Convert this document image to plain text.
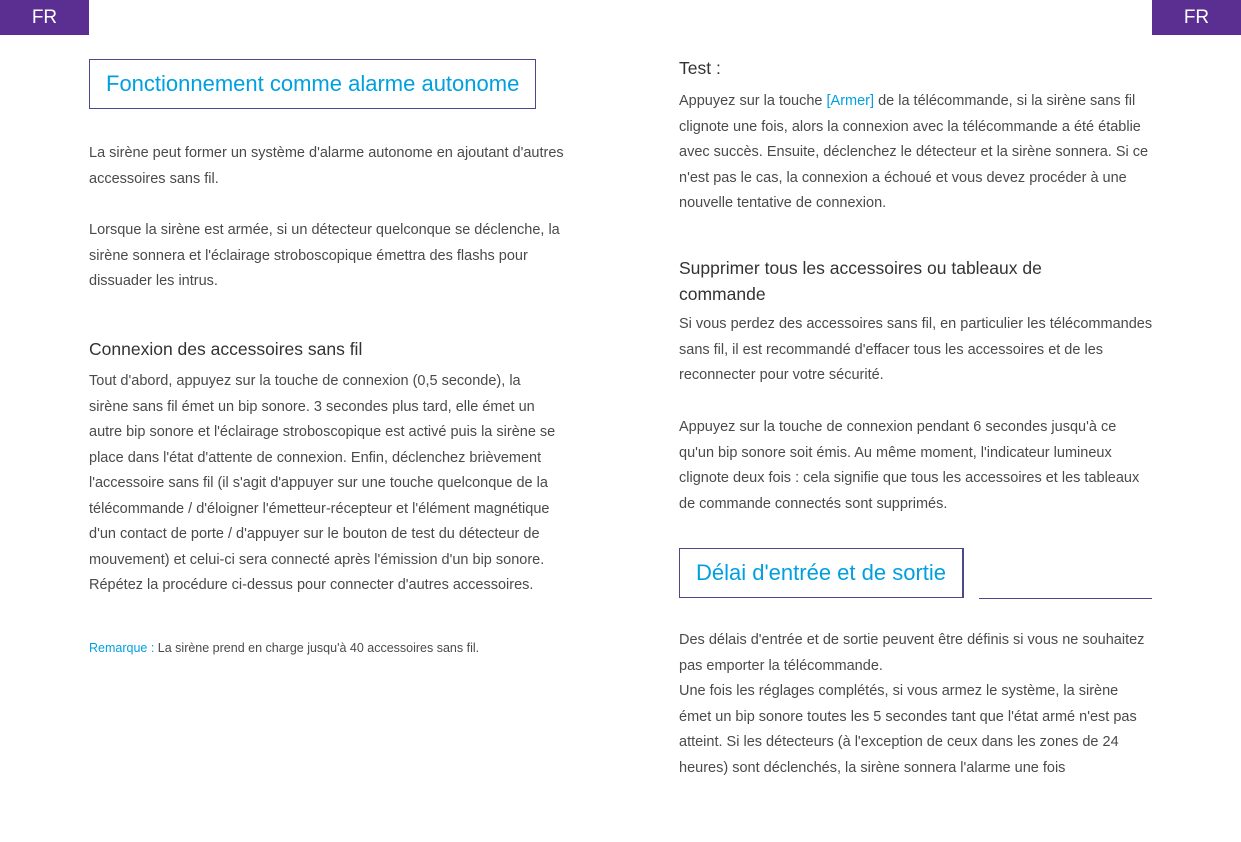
FR	FR
Fonctionnement comme alarme autonome

La sirène peut former un système d'alarme autonome en ajoutant d'autres accessoires sans fil.

Lorsque la sirène est armée, si un détecteur quelconque se déclenche, la sirène sonnera et l'éclairage stroboscopique émettra des flashs pour dissuader les intrus.

Connexion des accessoires sans fil

Tout d'abord, appuyez sur la touche de connexion (0,5 seconde), la sirène sans fil émet un bip sonore. 3 secondes plus tard, elle émet un autre bip sonore et l'éclairage stroboscopique est activé puis la sirène se place dans l'état d'attente de connexion. Enfin, déclenchez brièvement l'accessoire sans fil (il s'agit d'appuyer sur une touche quelconque de la télécommande / d'éloigner l'émetteur-récepteur et l'élément magnétique d'un contact de porte / d'appuyer sur le bouton de test du détecteur de mouvement) et celui-ci sera connecté après l'émission d'un bip sonore. Répétez la procédure ci-dessus pour connecter d'autres accessoires.

Remarque : La sirène prend en charge jusqu'à 40 accessoires sans fil.
Test :

Appuyez sur la touche [Armer] de la télécommande, si la sirène sans fil clignote une fois, alors la connexion avec la télécommande a été établie avec succès. Ensuite, déclenchez le détecteur et la sirène sonnera. Si ce n'est pas le cas, la connexion a échoué et vous devez procéder à une nouvelle tentative de connexion.

Supprimer tous les accessoires ou tableaux de commande

Si vous perdez des accessoires sans fil, en particulier les télécommandes sans fil, il est recommandé d'effacer tous les accessoires et de les reconnecter pour votre sécurité.

Appuyez sur la touche de connexion pendant 6 secondes jusqu'à ce qu'un bip sonore soit émis. Au même moment, l'indicateur lumineux clignote deux fois : cela signifie que tous les accessoires et les tableaux de commande connectés sont supprimés.

Délai d'entrée et de sortie

Des délais d'entrée et de sortie peuvent être définis si vous ne souhaitez pas emporter la télécommande.

Une fois les réglages complétés, si vous armez le système, la sirène émet un bip sonore toutes les 5 secondes tant que l'état armé n'est pas atteint. Si les détecteurs (à l'exception de ceux dans les zones de 24 heures) sont déclenchés, la sirène sonnera l'alarme une fois
